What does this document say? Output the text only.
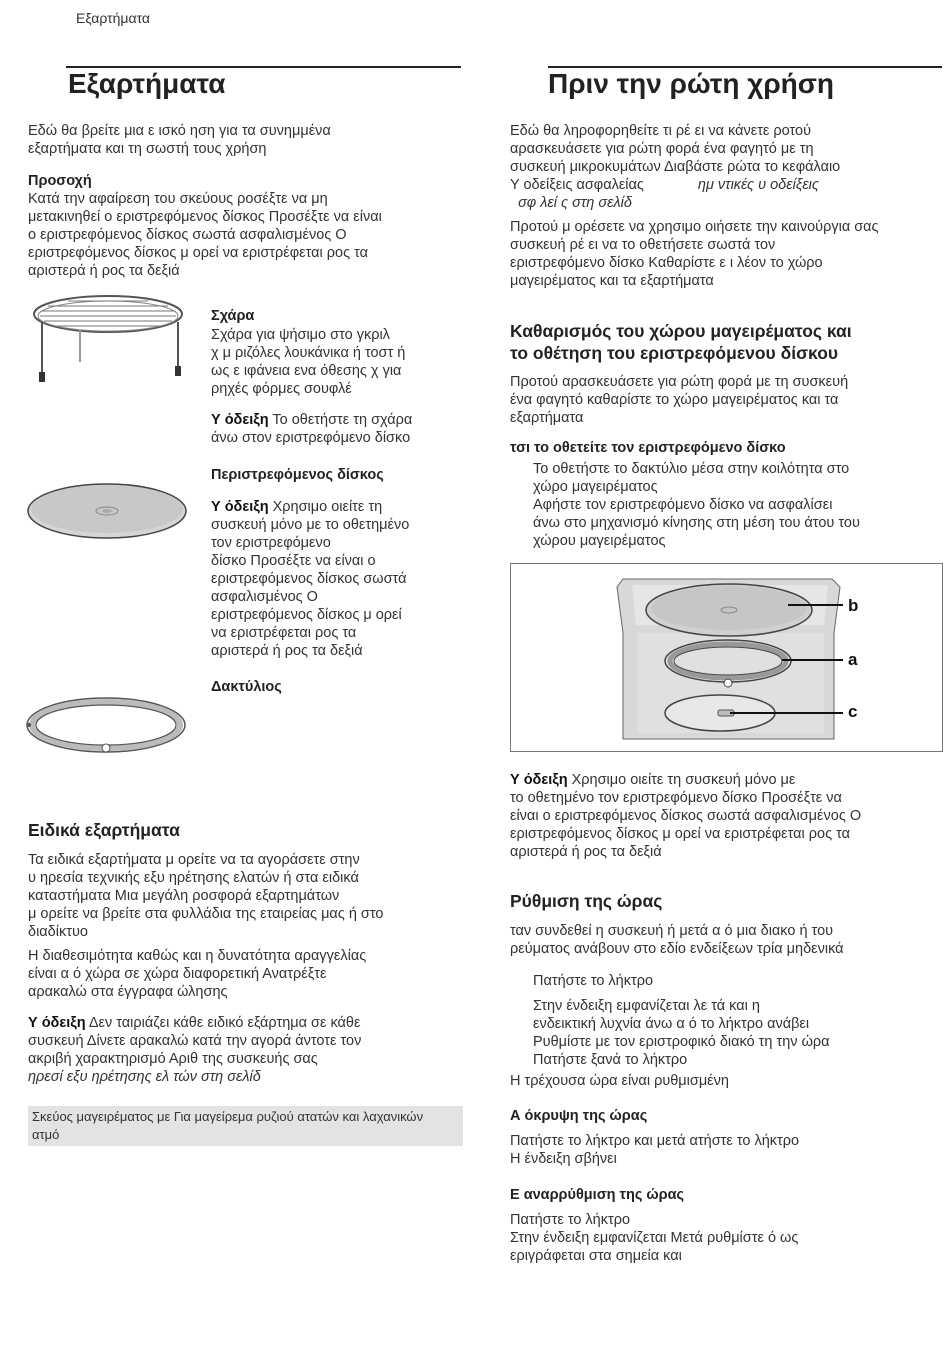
Εξαρτήματα
Εξαρτήματα
Εδώ θα βρείτε μια ε ισκό ηση για τα συνημμένα
εξαρτήματα και τη σωστή τους χρήση
Προσοχή
Κατά την αφαίρεση του σκεύους ροσέξτε να μη
μετακινηθεί ο εριστρεφόμενος δίσκος Προσέξτε να είναι
ο εριστρεφόμενος δίσκος σωστά ασφαλισμένος Ο
εριστρεφόμενος δίσκος μ ορεί να εριστρέφεται ρος τα
αριστερά ή ρος τα δεξιά
Σχάρα
Σχάρα για ψήσιμο στο γκριλ
χ μ ριζόλες λουκάνικα ή τοστ ή
ως ε ιφάνεια ενα όθεσης χ για
ρηχές φόρμες σουφλέ
Υ όδειξη Το οθετήστε τη σχάρα
άνω στον εριστρεφόμενο δίσκο
Περιστρεφόμενος δίσκος
Υ όδειξη Χρησιμο οιείτε τη
συσκευή μόνο με το οθετημένο
τον εριστρεφόμενο
δίσκο Προσέξτε να είναι ο
εριστρεφόμενος δίσκος σωστά
ασφαλισμένος Ο
εριστρεφόμενος δίσκος μ ορεί
να εριστρέφεται ρος τα
αριστερά ή ρος τα δεξιά
Δακτύλιος
Ειδικά εξαρτήματα
Τα ειδικά εξαρτήματα μ ορείτε να τα αγοράσετε στην
υ ηρεσία τεχνικής εξυ ηρέτησης ελατών ή στα ειδικά
καταστήματα Μια μεγάλη ροσφορά εξαρτημάτων
μ ορείτε να βρείτε στα φυλλάδια της εταιρείας μας ή στο
διαδίκτυο
Η διαθεσιμότητα καθώς και η δυνατότητα αραγγελίας
είναι α ό χώρα σε χώρα διαφορετική Ανατρέξτε
αρακαλώ στα έγγραφα ώλησης
Υ όδειξη Δεν ταιριάζει κάθε ειδικό εξάρτημα σε κάθε
συσκευή Δίνετε αρακαλώ κατά την αγορά άντοτε τον
ακριβή χαρακτηρισμό Αριθ της συσκευής σας
ηρεσί εξυ ηρέτησης ελ τών στη σελίδ
Σκεύος μαγειρέματος με Για μαγείρεμα ρυζιού ατατών και λαχανικών
ατμό
Πριν την ρώτη χρήση
Εδώ θα ληροφορηθείτε τι ρέ ει να κάνετε ροτού
αρασκευάσετε για ρώτη φορά ένα φαγητό με τη
συσκευή μικροκυμάτων Διαβάστε ρώτα το κεφάλαιο
Υ οδείξεις ασφαλείας	ημ ντικές υ οδείξεις
σφ λεί ς στη σελίδ
Προτού μ ορέσετε να χρησιμο οιήσετε την καινούργια σας
συσκευή ρέ ει να το οθετήσετε σωστά τον
εριστρεφόμενο δίσκο Καθαρίστε ε ι λέον το χώρο
μαγειρέματος και τα εξαρτήματα
Καθαρισμός του χώρου μαγειρέματος και
το οθέτηση του εριστρεφόμενου δίσκου
Προτού αρασκευάσετε για ρώτη φορά με τη συσκευή
ένα φαγητό καθαρίστε το χώρο μαγειρέματος και τα
εξαρτήματα
τσι το οθετείτε τον εριστρεφόμενο δίσκο
Το οθετήστε το δακτύλιο μέσα στην κοιλότητα στο
χώρο μαγειρέματος
Αφήστε τον εριστρεφόμενο δίσκο να ασφαλίσει
άνω στο μηχανισμό κίνησης στη μέση του άτου του
χώρου μαγειρέματος
b
a
c
Υ όδειξη Χρησιμο οιείτε τη συσκευή μόνο με
το οθετημένο τον εριστρεφόμενο δίσκο Προσέξτε να
είναι ο εριστρεφόμενος δίσκος σωστά ασφαλισμένος Ο
εριστρεφόμενος δίσκος μ ορεί να εριστρέφεται ρος τα
αριστερά ή ρος τα δεξιά
Ρύθμιση της ώρας
ταν συνδεθεί η συσκευή ή μετά α ό μια διακο ή του
ρεύματος ανάβουν στο εδίο ενδείξεων τρία μηδενικά
Πατήστε το λήκτρο
Στην ένδειξη εμφανίζεται λε τά και η
ενδεικτική λυχνία άνω α ό το λήκτρο ανάβει
Ρυθμίστε με τον εριστροφικό διακό τη την ώρα
Πατήστε ξανά το λήκτρο
Η τρέχουσα ώρα είναι ρυθμισμένη
Α όκρυψη της ώρας
Πατήστε το λήκτρο και μετά ατήστε το λήκτρο
Η ένδειξη σβήνει
Ε αναρρύθμιση της ώρας
Πατήστε το λήκτρο
Στην ένδειξη εμφανίζεται Μετά ρυθμίστε ό ως
εριγράφεται στα σημεία και
